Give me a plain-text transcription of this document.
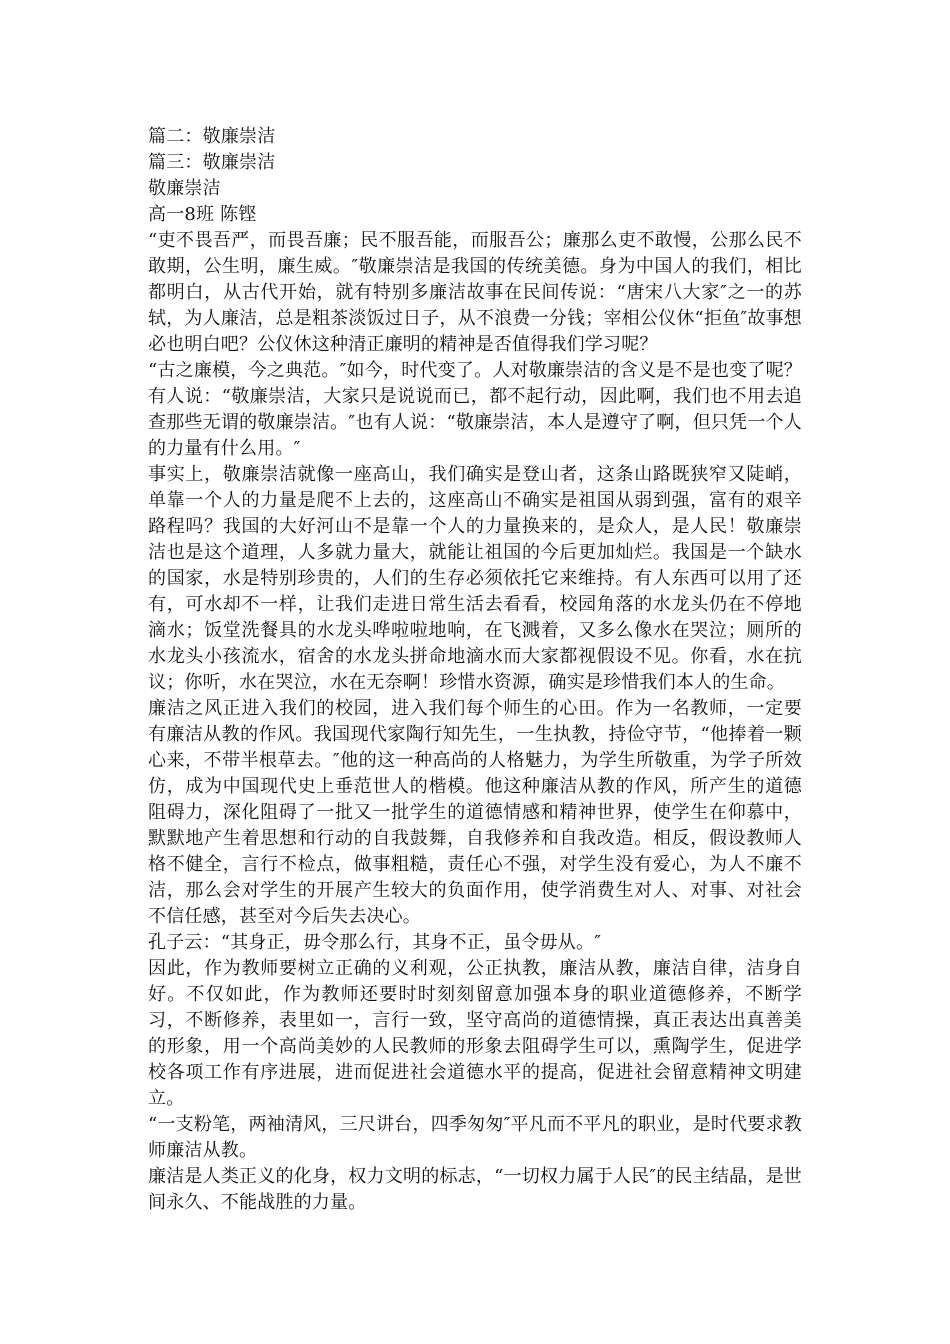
篇二：敬廉崇洁

篇三：敬廉崇洁

敬廉崇洁

高一8班 陈铿

“吏不畏吾严，而畏吾廉；民不服吾能，而服吾公；廉那么吏不敢慢，公那么民不敢期，公生明，廉生威。″敬廉崇洁是我国的传统美德。身为中国人的我们，相比都明白，从古代开始，就有特别多廉洁故事在民间传说：“唐宋八大家″之一的苏轼，为人廉洁，总是粗茶淡饭过日子，从不浪费一分钱；宰相公仪休“拒鱼″故事想必也明白吧？公仪休这种清正廉明的精神是否值得我们学习呢？

“古之廉模，今之典范。″如今，时代变了。人对敬廉崇洁的含义是不是也变了呢？有人说：“敬廉崇洁，大家只是说说而已，都不起行动，因此啊，我们也不用去追查那些无谓的敬廉崇洁。″也有人说：“敬廉崇洁，本人是遵守了啊，但只凭一个人的力量有什么用。″

事实上，敬廉崇洁就像一座高山，我们确实是登山者，这条山路既狭窄又陡峭，单靠一个人的力量是爬不上去的，这座高山不确实是祖国从弱到强，富有的艰辛路程吗？我国的大好河山不是靠一个人的力量换来的，是众人，是人民！敬廉崇洁也是这个道理，人多就力量大，就能让祖国的今后更加灿烂。我国是一个缺水的国家，水是特别珍贵的，人们的生存必须依托它来维持。有人东西可以用了还有，可水却不一样，让我们走进日常生活去看看，校园角落的水龙头仍在不停地滴水；饭堂洗餐具的水龙头哗啦啦地响，在飞溅着，又多么像水在哭泣；厕所的水龙头小孩流水，宿舍的水龙头拼命地滴水而大家都视假设不见。你看，水在抗议；你听，水在哭泣，水在无奈啊！珍惜水资源，确实是珍惜我们本人的生命。

廉洁之风正进入我们的校园，进入我们每个师生的心田。作为一名教师，一定要有廉洁从教的作风。我国现代家陶行知先生，一生执教，持俭守节，“他捧着一颗心来，不带半根草去。″他的这一种高尚的人格魅力，为学生所敬重，为学子所效仿，成为中国现代史上垂范世人的楷模。他这种廉洁从教的作风，所产生的道德阻碍力，深化阻碍了一批又一批学生的道德情感和精神世界，使学生在仰慕中，默默地产生着思想和行动的自我鼓舞，自我修养和自我改造。相反，假设教师人格不健全，言行不检点，做事粗糙，责任心不强，对学生没有爱心，为人不廉不洁，那么会对学生的开展产生较大的负面作用，使学消费生对人、对事、对社会不信任感，甚至对今后失去决心。

孔子云：“其身正，毋令那么行，其身不正，虽令毋从。″

因此，作为教师要树立正确的义利观，公正执教，廉洁从教，廉洁自律，洁身自好。不仅如此，作为教师还要时时刻刻留意加强本身的职业道德修养，不断学习，不断修养，表里如一，言行一致，坚守高尚的道德情操，真正表达出真善美的形象，用一个高尚美妙的人民教师的形象去阻碍学生可以，熏陶学生，促进学校各项工作有序进展，进而促进社会道德水平的提高，促进社会留意精神文明建立。

“一支粉笔，两袖清风，三尺讲台，四季匆匆″平凡而不平凡的职业，是时代要求教师廉洁从教。

廉洁是人类正义的化身，权力文明的标志，“一切权力属于人民″的民主结晶，是世间永久、不能战胜的力量。
